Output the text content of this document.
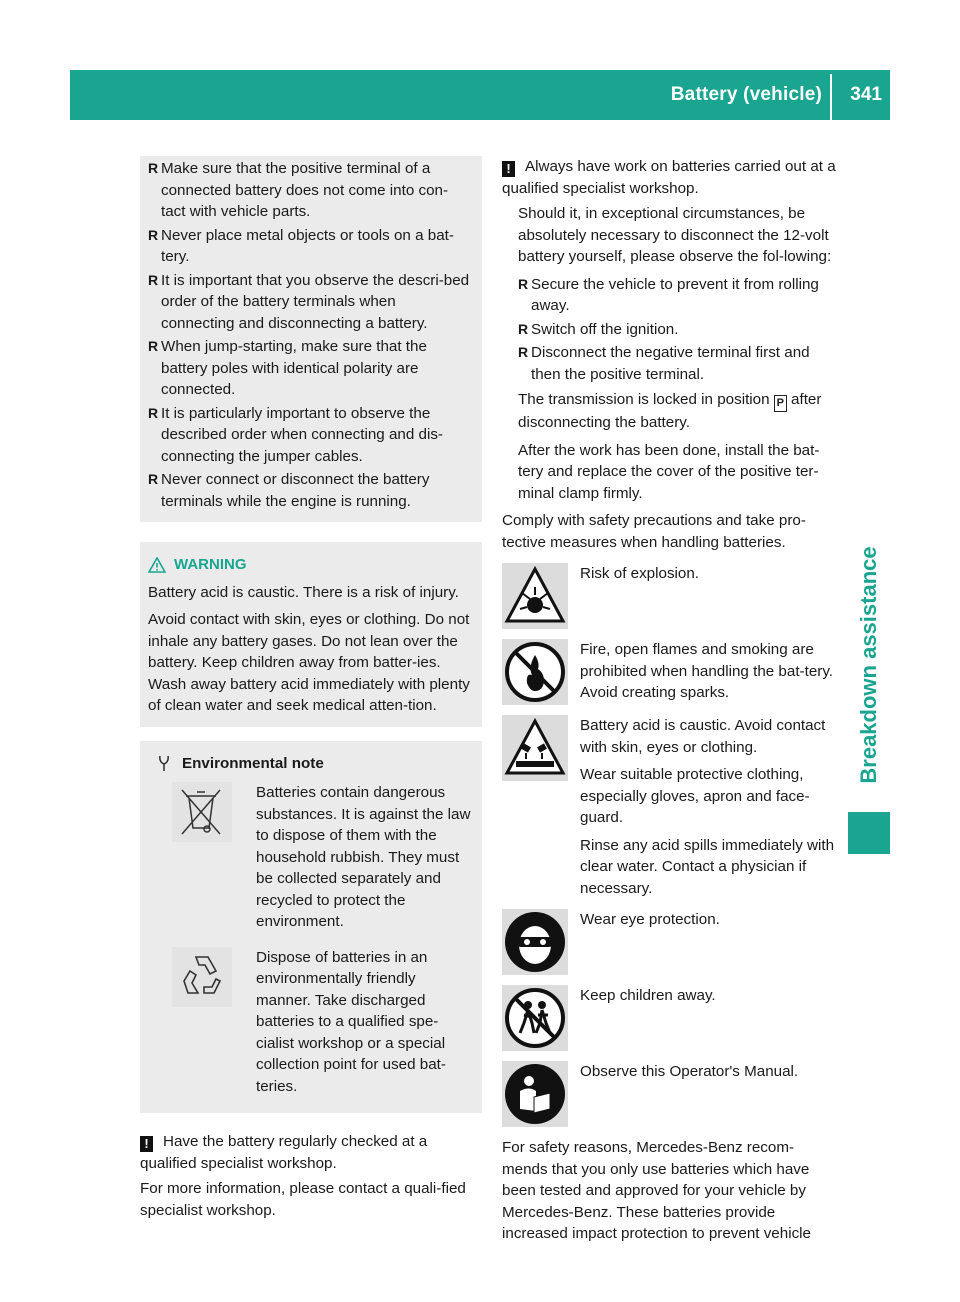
Battery (vehicle) 341
Breakdown assistance
R Make sure that the positive terminal of a connected battery does not come into con-tact with vehicle parts.
R Never place metal objects or tools on a bat-tery.
R It is important that you observe the descri-bed order of the battery terminals when connecting and disconnecting a battery.
R When jump-starting, make sure that the battery poles with identical polarity are connected.
R It is particularly important to observe the described order when connecting and dis-connecting the jumper cables.
R Never connect or disconnect the battery terminals while the engine is running.
WARNING
Battery acid is caustic. There is a risk of injury.
Avoid contact with skin, eyes or clothing. Do not inhale any battery gases. Do not lean over the battery. Keep children away from batter-ies. Wash away battery acid immediately with plenty of clean water and seek medical atten-tion.
Environmental note
Batteries contain dangerous substances. It is against the law to dispose of them with the household rubbish. They must be collected separately and recycled to protect the environment.
Dispose of batteries in an environmentally friendly manner. Take discharged batteries to a qualified spe-cialist workshop or a special collection point for used bat-teries.
! Have the battery regularly checked at a qualified specialist workshop.
For more information, please contact a quali-fied specialist workshop.
! Always have work on batteries carried out at a qualified specialist workshop.
Should it, in exceptional circumstances, be absolutely necessary to disconnect the 12-volt battery yourself, please observe the fol-lowing:
R Secure the vehicle to prevent it from rolling away.
R Switch off the ignition.
R Disconnect the negative terminal first and then the positive terminal.
The transmission is locked in position P after disconnecting the battery.
After the work has been done, install the bat-tery and replace the cover of the positive ter-minal clamp firmly.
Comply with safety precautions and take pro-tective measures when handling batteries.
Risk of explosion.
Fire, open flames and smoking are prohibited when handling the bat-tery. Avoid creating sparks.
Battery acid is caustic. Avoid contact with skin, eyes or clothing.
Wear suitable protective clothing, especially gloves, apron and face-guard.
Rinse any acid spills immediately with clear water. Contact a physician if necessary.
Wear eye protection.
Keep children away.
Observe this Operator's Manual.
For safety reasons, Mercedes-Benz recom-mends that you only use batteries which have been tested and approved for your vehicle by Mercedes-Benz. These batteries provide increased impact protection to prevent vehicle
